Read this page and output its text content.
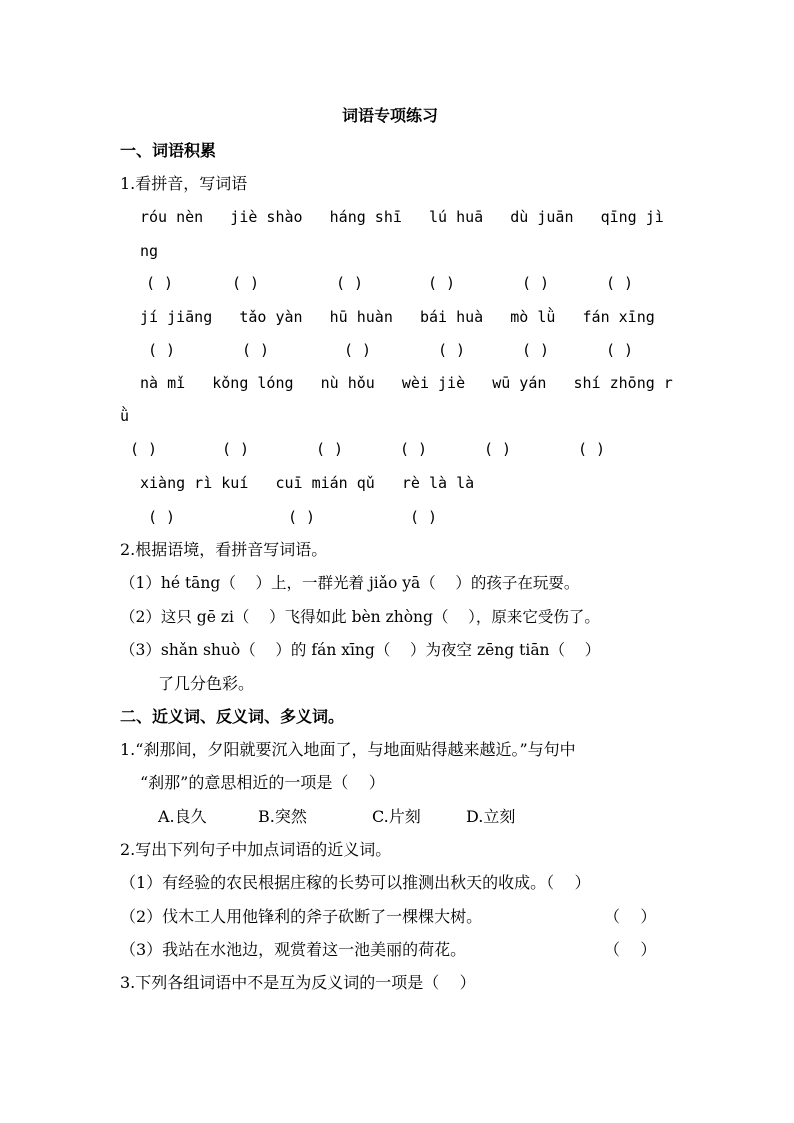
词语专项练习
一、词语积累
1.看拼音，写词语
rόu nèn   jiè shào   háng shī   lú huā   dù juān   qīng jì
ng
( )	( )	( )	( )	( )	( )
jí jiāng   tǎo yàn   hū huàn   bái huà   mò lǜ   fán xīng
( )	( )	( )	( )	( )	( )
nà mǐ   kǒng lóng   nù hǒu   wèi jiè   wū yán   shí zhōng r
ǜ
( )	( )	( )	( )	( )	( )
xiàng rì kuí   cuī mián qǔ   rè là là
( )	( )	( )
2.根据语境，看拼音写词语。
（1）hé tāng（    ）上，一群光着 jiǎo yā（    ）的孩子在玩耍。
（2）这只 gē zi（    ）飞得如此 bèn zhòng（    ），原来它受伤了。
（3）shǎn shuò（    ）的 fán xīng（    ）为夜空 zēng tiān（    ）
了几分色彩。
二、近义词、反义词、多义词。
1.“刹那间，夕阳就要沉入地面了，与地面贴得越来越近。”与句中
“刹那”的意思相近的一项是（    ）
A.良久	B.突然	C.片刻	D.立刻
2.写出下列句子中加点词语的近义词。
（1）有经验的农民根据庄稼的长势可以推测出秋天的收成。（    ）
（2）伐木工人用他锋利的斧子砍断了一棵棵大树。	（    ）
（3）我站在水池边，观赏着这一池美丽的荷花。	（    ）
3.下列各组词语中不是互为反义词的一项是（    ）
